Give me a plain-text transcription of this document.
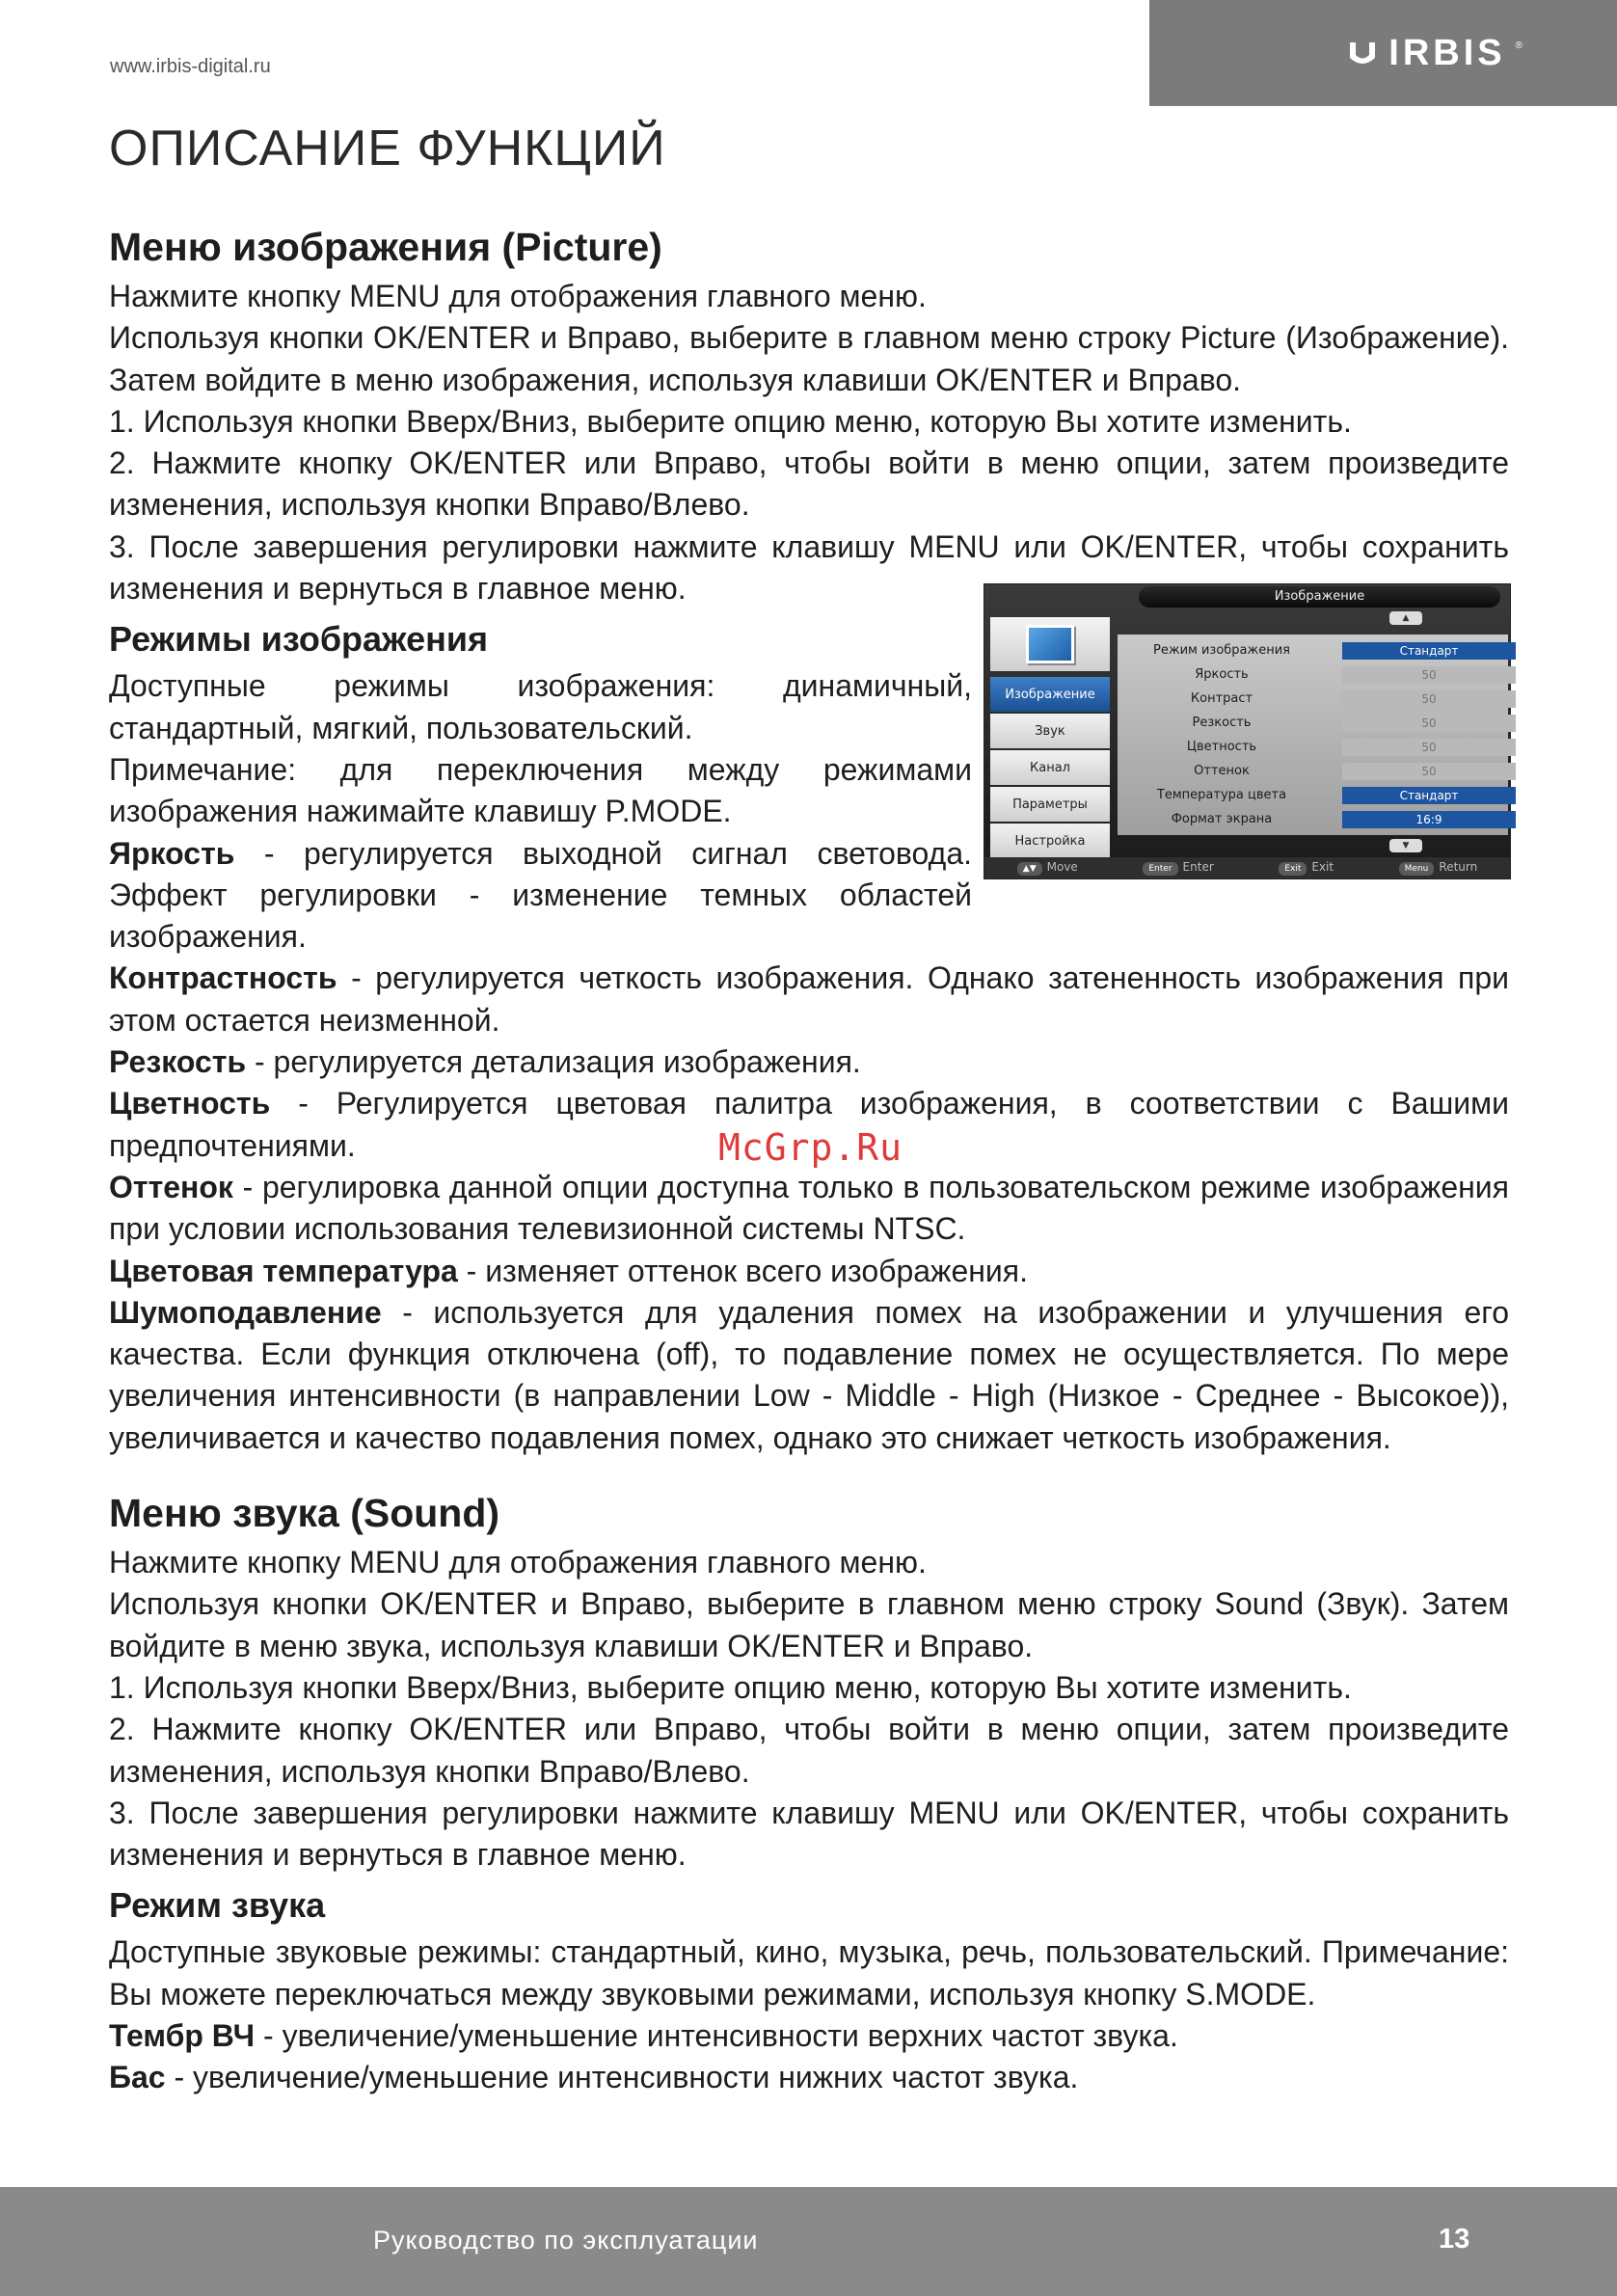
www.irbis-digital.ru	IRBIS ®
ОПИСАНИЕ ФУНКЦИЙ
Меню изображения (Picture)

Нажмите кнопку MENU для отображения главного меню.

Используя кнопки OK/ENTER и Вправо, выберите в главном меню строку Picture (Изображение). Затем войдите в меню изображения, используя клавиши OK/ENTER и Вправо.

1. Используя кнопки Вверх/Вниз, выберите опцию меню, которую Вы хотите изменить.

2. Нажмите кнопку OK/ENTER или Вправо, чтобы войти в меню опции, затем произведите изменения, используя кнопки Вправо/Влево.

3. После завершения регулировки нажмите клавишу MENU или OK/ENTER, чтобы сохранить изменения и вернуться в главное меню.

Режимы изображения

Доступные режимы изображения: динамичный, стандартный, мягкий, пользовательский.

Примечание: для переключения между режимами изображения нажимайте клавишу P.MODE.

Яркость - регулируется выходной сигнал световода. Эффект регулировки - изменение темных областей изображения.

Контрастность - регулируется четкость изображения. Однако затененность изображения при этом остается неизменной.

Резкость - регулируется детализация изображения.

Цветность - Регулируется цветовая палитра изображения, в соответствии с Вашими предпочтениями.

Оттенок - регулировка данной опции доступна только в пользовательском режиме изображения при условии использования телевизионной системы NTSC.

Цветовая температура - изменяет оттенок всего изображения.

Шумоподавление - используется для удаления помех на изображении и улучшения его качества. Если функция отключена (off), то подавление помех не осуществляется. По мере увеличения интенсивности (в направлении Low - Middle - High (Низкое - Среднее - Высокое)), увеличивается и качество подавления помех, однако это снижает четкость изображения.

Меню звука (Sound)

Нажмите кнопку MENU для отображения главного меню.

Используя кнопки OK/ENTER и Вправо, выберите в главном меню строку Sound (Звук). Затем войдите в меню звука, используя клавиши OK/ENTER и Вправо.

1. Используя кнопки Вверх/Вниз, выберите опцию меню, которую Вы хотите изменить.

2. Нажмите кнопку OK/ENTER или Вправо, чтобы войти в меню опции, затем произведите изменения, используя кнопки Вправо/Влево.

3. После завершения регулировки нажмите клавишу MENU или OK/ENTER, чтобы сохранить изменения и вернуться в главное меню.

Режим звука

Доступные звуковые режимы: стандартный, кино, музыка, речь, пользовательский. Примечание: Вы можете переключаться между звуковыми режимами, используя кнопку S.MODE.

Тембр ВЧ - увеличение/уменьшение интенсивности верхних частот звука.

Бас - увеличение/уменьшение интенсивности нижних частот звука.

Изображение
▲
Изображение
Звук
Канал
Параметры
Настройка
Режим изображения	Стандарт	▶
Яркость	50
Контраст	50
Резкость	50
Цветность	50
Оттенок	50
Температура цвета	Стандарт	▶
Формат экрана	16:9	▶
▼
▲▼ Move	Enter Enter	Exit Exit	Menu Return
McGrp.Ru
Руководство по эксплуатации	13
